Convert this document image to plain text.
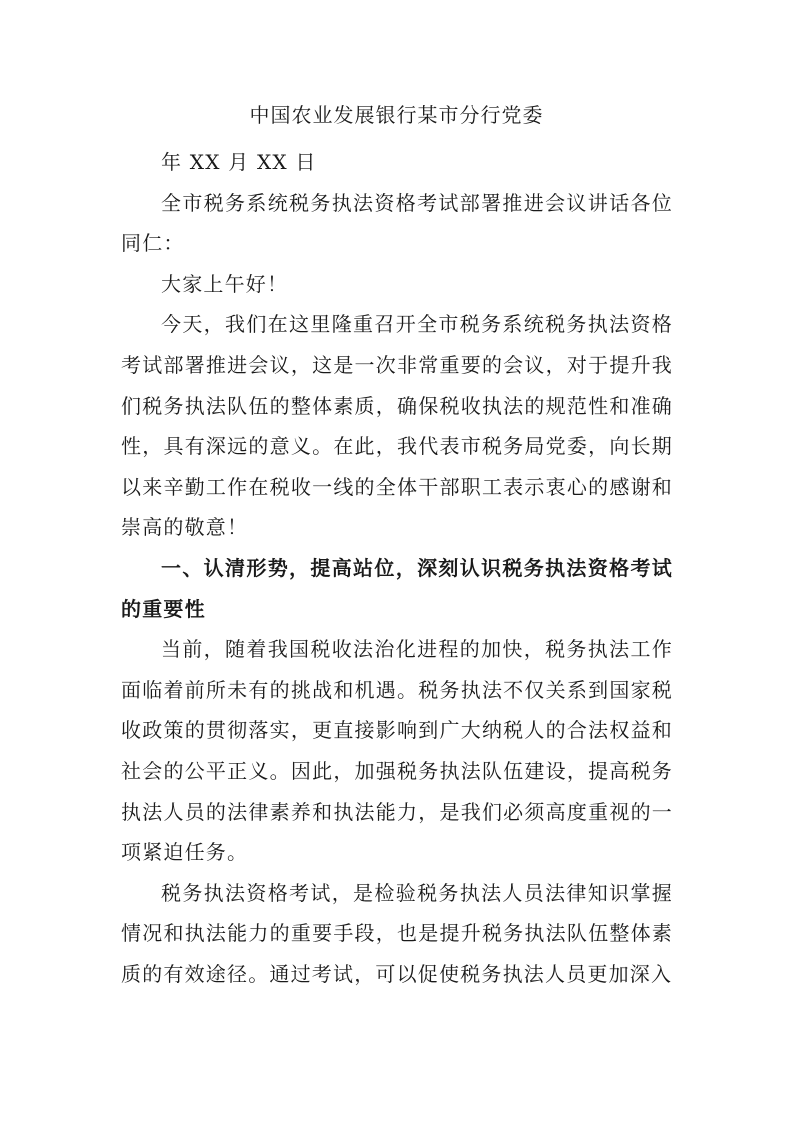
中国农业发展银行某市分行党委

年 XX 月 XX 日

全市税务系统税务执法资格考试部署推进会议讲话各位同仁：

大家上午好！

今天，我们在这里隆重召开全市税务系统税务执法资格考试部署推进会议，这是一次非常重要的会议，对于提升我们税务执法队伍的整体素质，确保税收执法的规范性和准确性，具有深远的意义。在此，我代表市税务局党委，向长期以来辛勤工作在税收一线的全体干部职工表示衷心的感谢和崇高的敬意！

一、认清形势，提高站位，深刻认识税务执法资格考试的重要性

当前，随着我国税收法治化进程的加快，税务执法工作面临着前所未有的挑战和机遇。税务执法不仅关系到国家税收政策的贯彻落实，更直接影响到广大纳税人的合法权益和社会的公平正义。因此，加强税务执法队伍建设，提高税务执法人员的法律素养和执法能力，是我们必须高度重视的一项紧迫任务。

税务执法资格考试，是检验税务执法人员法律知识掌握情况和执法能力的重要手段，也是提升税务执法队伍整体素质的有效途径。通过考试，可以促使税务执法人员更加深入
